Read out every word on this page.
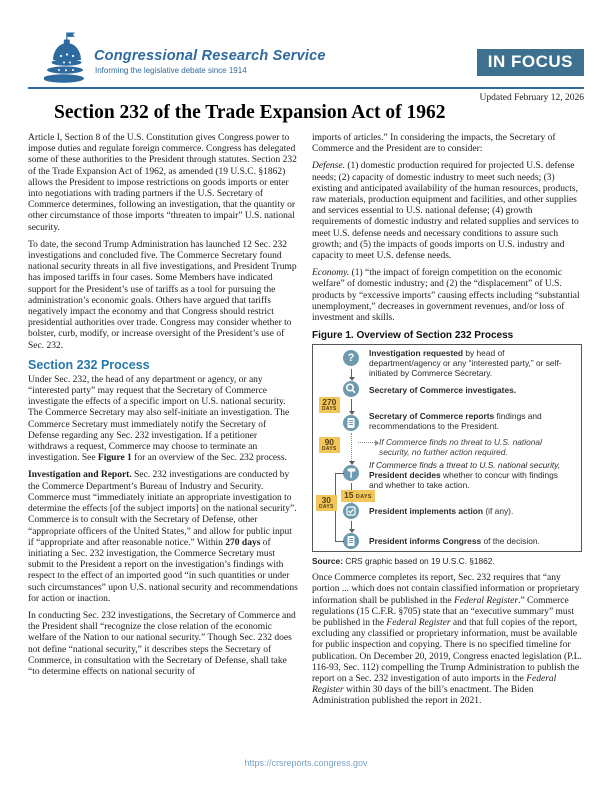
Congressional Research Service
Informing the legislative debate since 1914	IN FOCUS
Updated February 12, 2026
Section 232 of the Trade Expansion Act of 1962

Article I, Section 8 of the U.S. Constitution gives Congress power to impose duties and regulate foreign commerce. Congress has delegated some of these authorities to the President through statutes. Section 232 of the Trade Expansion Act of 1962, as amended (19 U.S.C. §1862) allows the President to impose restrictions on goods imports or enter into negotiations with trading partners if the U.S. Secretary of Commerce determines, following an investigation, that the quantity or other circumstance of those imports “threaten to impair” U.S. national security.

To date, the second Trump Administration has launched 12 Sec. 232 investigations and concluded five. The Commerce Secretary found national security threats in all five investigations, and President Trump has imposed tariffs in four cases. Some Members have indicated support for the President’s use of tariffs as a tool for pursuing the administration’s economic goals. Others have argued that tariffs negatively impact the economy and that Congress should restrict presidential authorities over trade. Congress may consider whether to bolster, curb, modify, or increase oversight of the President’s use of Sec. 232.

Section 232 Process

Under Sec. 232, the head of any department or agency, or any “interested party” may request that the Secretary of Commerce investigate the effects of a specific import on U.S. national security. The Commerce Secretary may also self-initiate an investigation. The Commerce Secretary must immediately notify the Secretary of Defense regarding any Sec. 232 investigation. If a petitioner withdraws a request, Commerce may choose to terminate an investigation. See Figure 1 for an overview of the Sec. 232 process.

Investigation and Report. Sec. 232 investigations are conducted by the Commerce Department’s Bureau of Industry and Security. Commerce must “immediately initiate an appropriate investigation to determine the effects [of the subject imports] on the national security”. Commerce is to consult with the Secretary of Defense, other “appropriate officers of the United States,” and allow for public input if “appropriate and after reasonable notice.” Within 270 days of initiating a Sec. 232 investigation, the Commerce Secretary must submit to the President a report on the investigation’s findings with respect to the effect of an imported good “in such quantities or under such circumstances” upon U.S. national security and recommendations for action or inaction.

In conducting Sec. 232 investigations, the Secretary of Commerce and the President shall “recognize the close relation of the economic welfare of the Nation to our national security.” Though Sec. 232 does not define “national security,” it describes steps the Secretary of Commerce, in consultation with the Secretary of Defense, shall take “to determine effects on national security of

imports of articles.” In considering the impacts, the Secretary of Commerce and the President are to consider:

Defense. (1) domestic production required for projected U.S. defense needs; (2) capacity of domestic industry to meet such needs; (3) existing and anticipated availability of the human resources, products, raw materials, production equipment and facilities, and other supplies and services essential to U.S. national defense; (4) growth requirements of domestic industry and related supplies and services to meet U.S. defense needs and necessary conditions to assure such growth; and (5) the impacts of goods imports on U.S. industry and capacity to meet U.S. defense needs.

Economy. (1) “the impact of foreign competition on the economic welfare” of domestic industry; and (2) the “displacement” of U.S. products by “excessive imports” causing effects including “substantial unemployment,” decreases in government revenues, and/or loss of investment and skills.

Figure 1. Overview of Section 232 Process
?	Investigation requested by head of department/agency or any “interested party,” or self-initiated by Commerce Secretary.
Secretary of Commerce investigates.
270
DAYS
Secretary of Commerce reports findings and recommendations to the President.
90
DAYS
If Commerce finds no threat to U.S. national security, no further action required.
If Commerce finds a threat to U.S. national security,
President decides whether to concur with findings and whether to take action.
15 DAYS
President implements action (if any).
President informs Congress of the decision.
30
DAYS
Source: CRS graphic based on 19 U.S.C. §1862.

Once Commerce completes its report, Sec. 232 requires that “any portion ... which does not contain classified information or proprietary information shall be published in the Federal Register.” Commerce regulations (15 C.F.R. §705) state that an “executive summary” must be published in the Federal Register and that full copies of the report, excluding any classified or proprietary information, must be available for public inspection and copying. There is no specified timeline for publication. On December 20, 2019, Congress enacted legislation (P.L. 116-93, Sec. 112) compelling the Trump Administration to publish the report on a Sec. 232 investigation of auto imports in the Federal Register within 30 days of the bill’s enactment. The Biden Administration published the report in 2021.

https://crsreports.congress.gov
